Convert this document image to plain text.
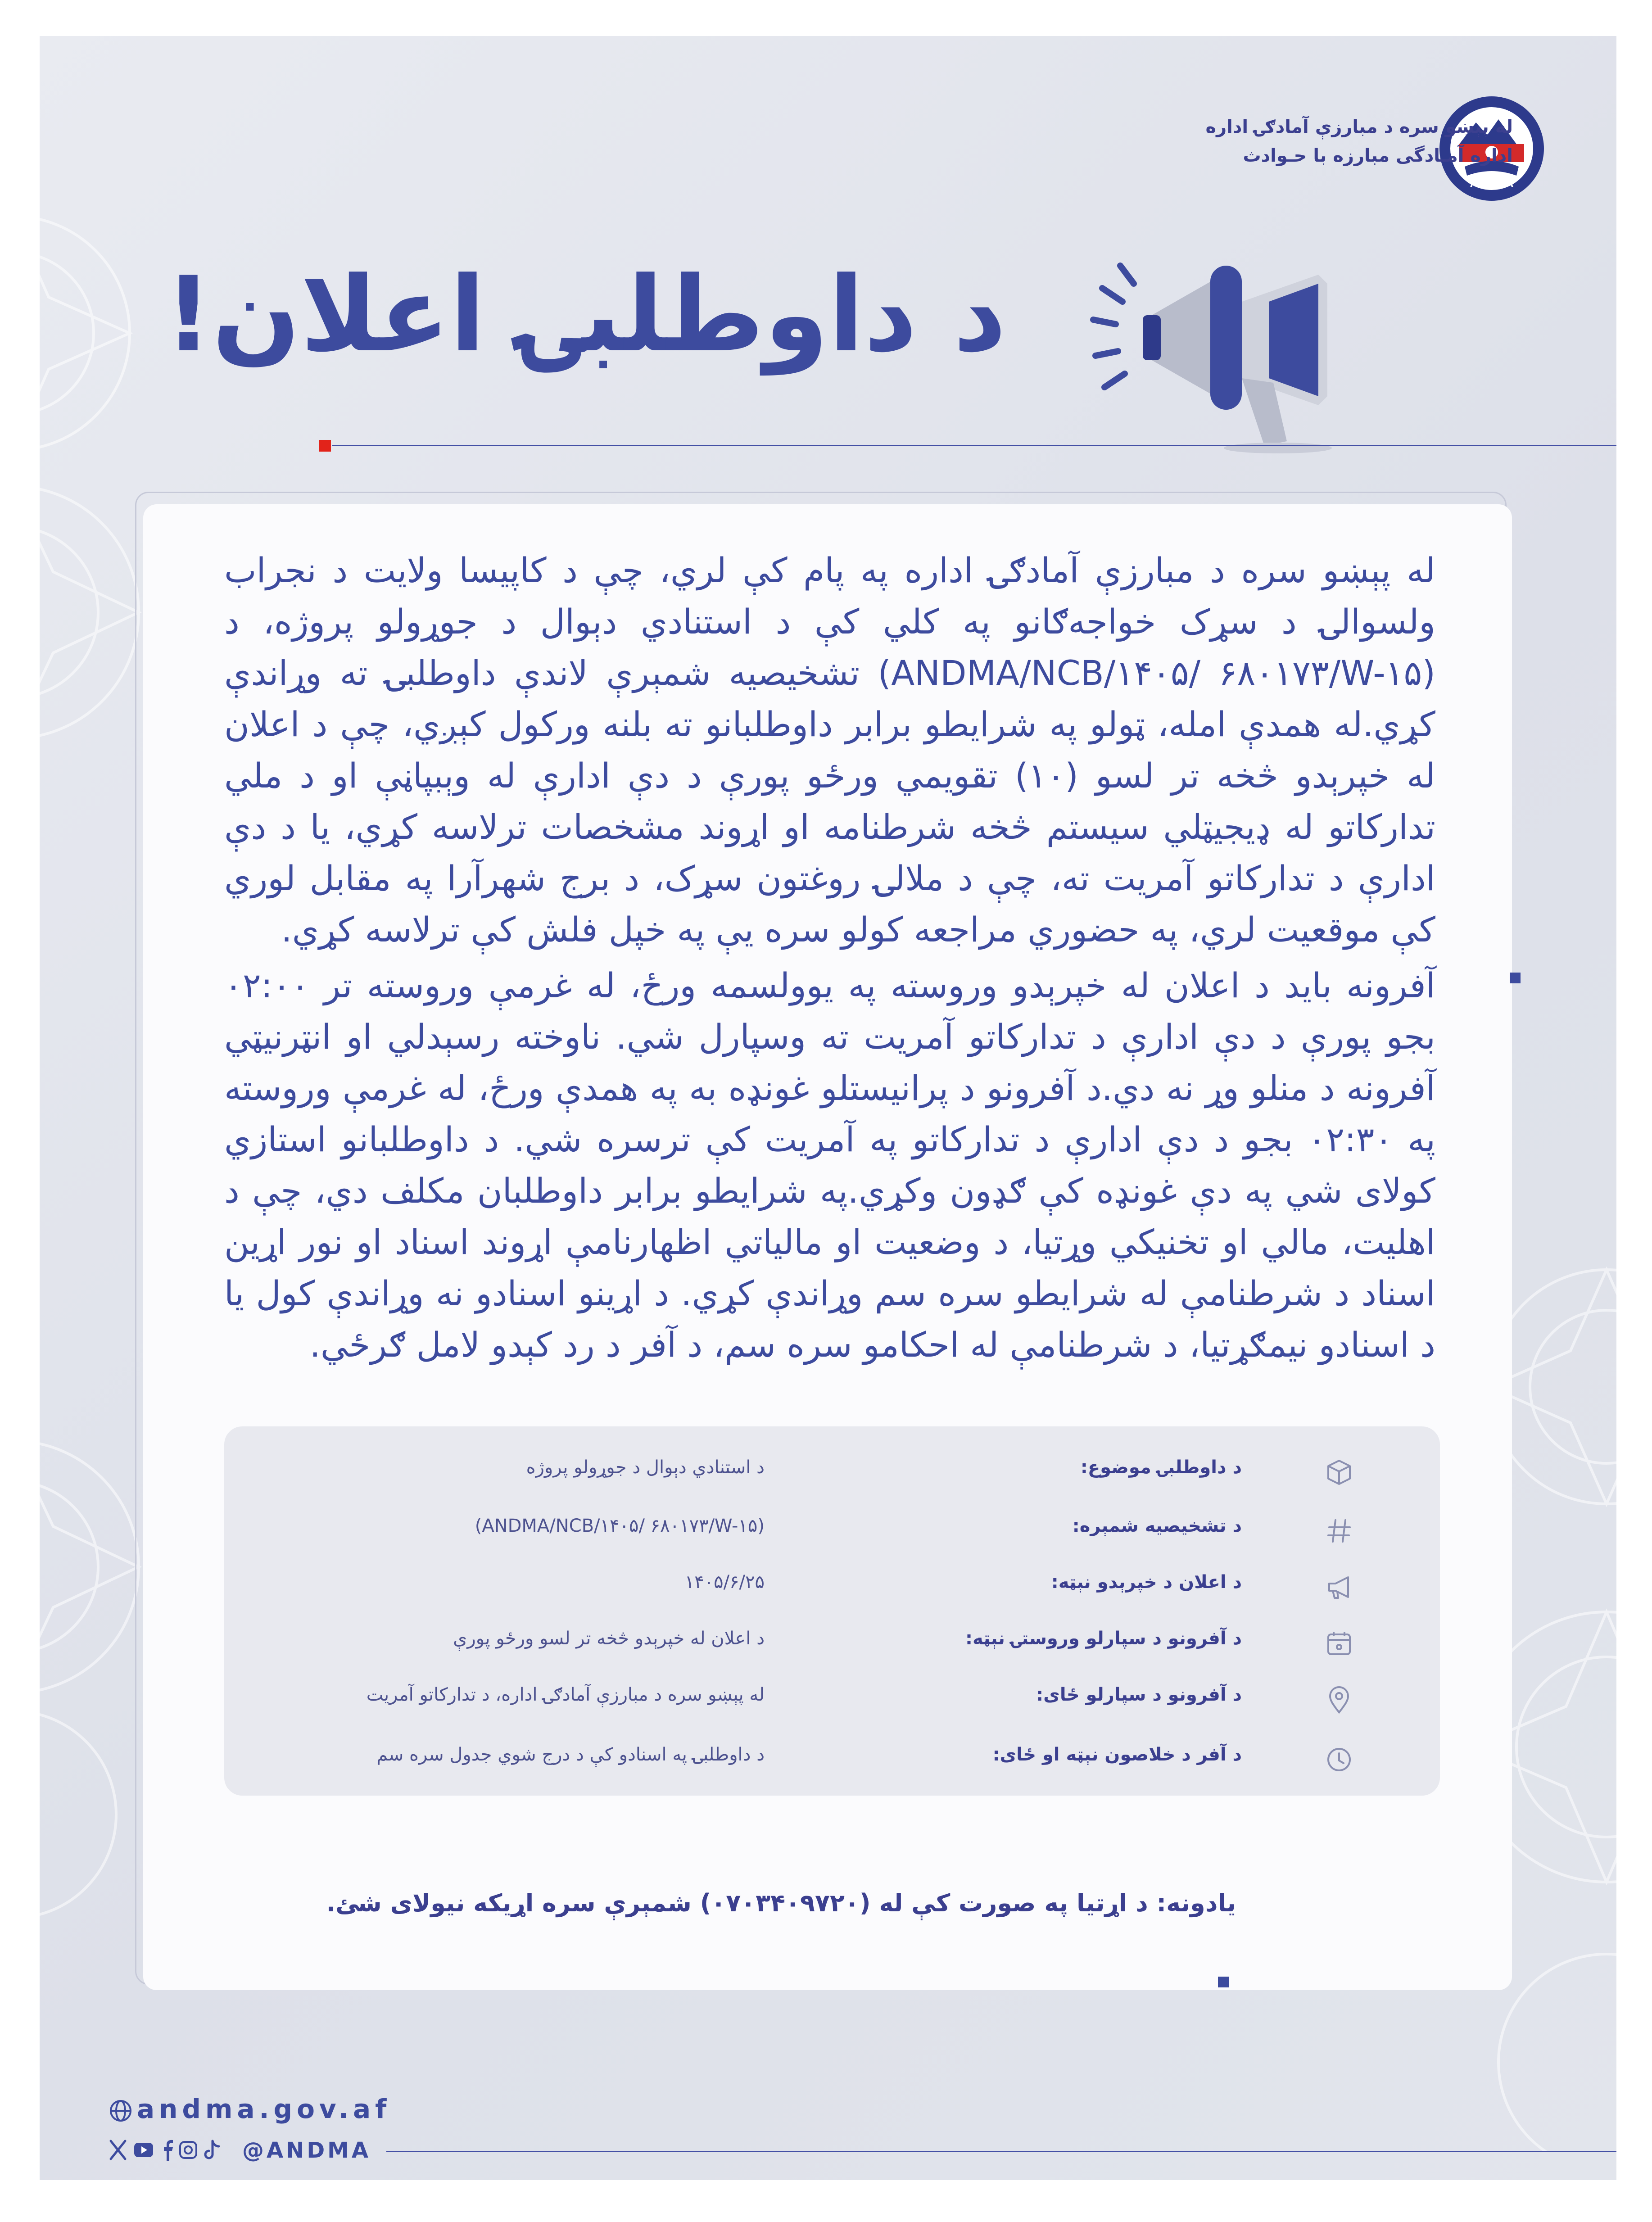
ANDMA
له پېښو سره د مبارزې آمادګۍ اداره
اداره آمـادگی مبارزه با حـوادث
د داوطلبۍ اعلان!
له پېښو سره د مبارزې آمادګۍ اداره په پام کې لري، چې د کاپیسا ولایت د نجراب ولسوالۍ د سړک خواجه‌ګانو په کلي کې د استنادي دېوال د جوړولو پروژه، د (ANDMA/NCB/۱۴۰۵/ ۶۸۰۱۷۳/W-۱۵) تشخیصیه شمېرې لاندې داوطلبۍ ته وړاندې کړي.له همدې امله، ټولو په شرایطو برابر داوطلبانو ته بلنه ورکول کېږي، چې د اعلان له خپرېدو څخه تر لسو (۱۰) تقویمي ورځو پورې د دې ادارې له وېبپاڼې او د ملي تدارکاتو له ډیجیټلي سیستم څخه شرطنامه او اړوند مشخصات ترلاسه کړي، یا د دې ادارې د تدارکاتو آمریت ته، چې د ملالۍ روغتون سړک، د برج شهرآرا په مقابل لوري کې موقعیت لري، په حضوري مراجعه کولو سره یې په خپل فلش کې ترلاسه کړي.
آفرونه باید د اعلان له خپرېدو وروسته په یوولسمه ورځ، له غرمې وروسته تر ۰۲:۰۰ بجو پورې د دې ادارې د تدارکاتو آمریت ته وسپارل شي. ناوخته رسېدلي او انټرنیټي آفرونه د منلو وړ نه دي.د آفرونو د پرانیستلو غونډه به په همدې ورځ، له غرمې وروسته په ۰۲:۳۰ بجو د دې ادارې د تدارکاتو په آمریت کې ترسره شي. د داوطلبانو استازي کولای شي په دې غونډه کې ګډون وکړي.په شرایطو برابر داوطلبان مکلف دي، چې د اهلیت، مالي او تخنیکي وړتیا، د وضعیت او مالیاتي اظهارنامې اړوند اسناد او نور اړین اسناد د شرطنامې له شرایطو سره سم وړاندې کړي. د اړینو اسنادو نه وړاندې کول یا د اسنادو نیمګړتیا، د شرطنامې له احکامو سره سم، د آفر د رد کېدو لامل ګرځي.
د داوطلبۍ موضوع:
د استنادي دېوال د جوړولو پروژه
د تشخیصیه شمېره:
(ANDMA/NCB/۱۴۰۵/ ۶۸۰۱۷۳/W-۱۵)
د اعلان د خپرېدو نېټه:
۱۴۰۵/۶/۲۵
د آفرونو د سپارلو وروستۍ نېټه:
د اعلان له خپرېدو څخه تر لسو ورځو پورې
د آفرونو د سپارلو ځای:
له پېښو سره د مبارزې آمادګۍ اداره، د تدارکاتو آمریت
د آفر د خلاصون نېټه او ځای:
د داوطلبۍ په اسنادو کې د درج شوي جدول سره سم
یادونه: د اړتیا په صورت کې له (۰۷۰۳۴۰۹۷۲۰) شمېرې سره اړیکه نیولای شئ.
andma.gov.af
@ANDMA
